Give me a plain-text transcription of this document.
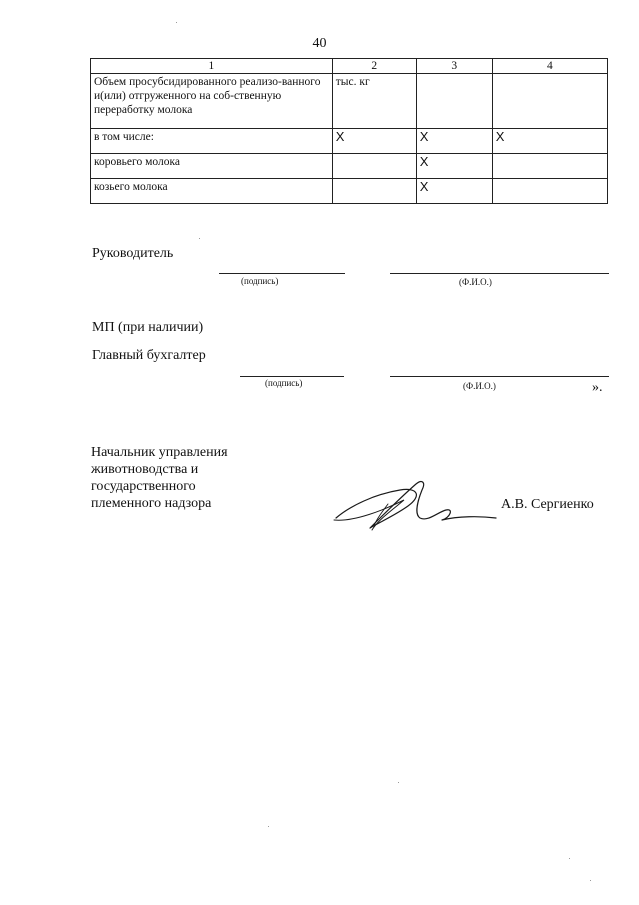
40
1	2	3	4
Объем просубсидированного реализо-ванного и(или) отгруженного на соб-ственную переработку молока	тыс. кг		
в том числе:	X	X	X
коровьего молока		X	
козьего молока		X	
Руководитель
(подпись)	(Ф.И.О.)
МП (при наличии)
Главный бухгалтер
(подпись)	(Ф.И.О.)	».
Начальник управления
животноводства и
государственного
племенного надзора	А.В. Сергиенко
